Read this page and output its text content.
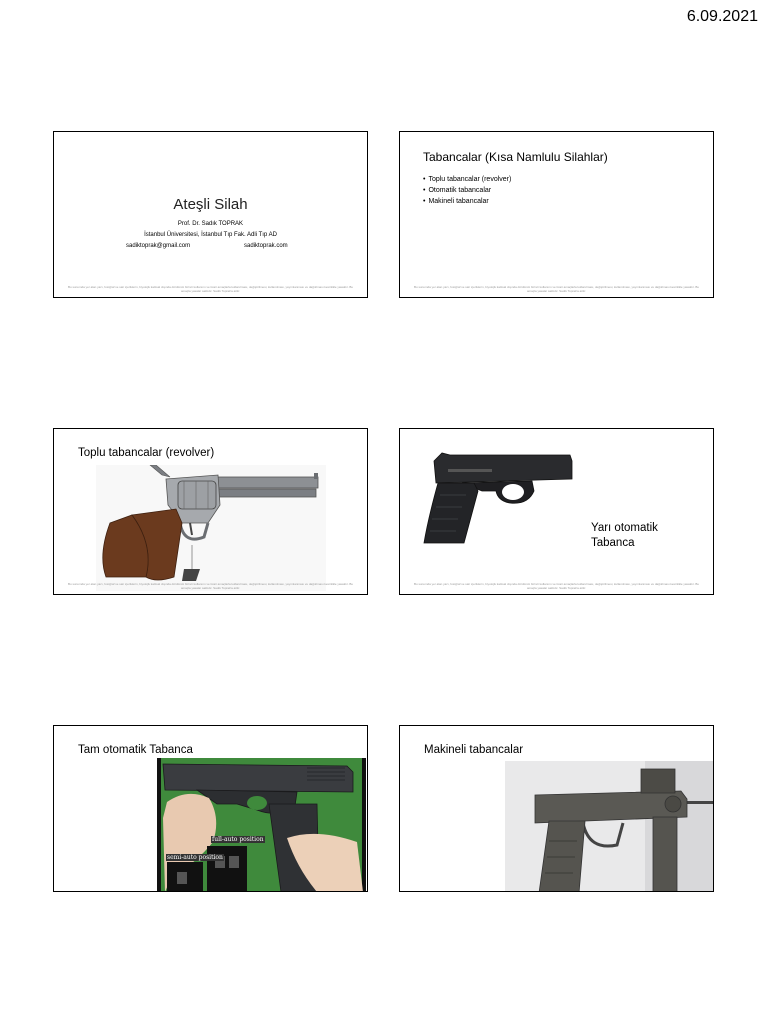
6.09.2021
Ateşli Silah
Prof. Dr. Sadık TOPRAK
İstanbul Üniversitesi, İstanbul Tıp Fak. Adli Tıp AD
sadiktoprak@gmail.com	sadiktoprak.com
Bu sunumda yer alan yazı, fotoğraf ve sair içeriklerin, biyolojik kalıtsal dışında dördüncü birinci kullanımı ve ticari amaçlarla kullanılması, değiştirilmesi, kullanılması, yayımlanması ve dağıtılması kesinlikle yasaktır. Bu amaçla yasalar saklıdır. Sadık Toprak'a aittir.
Tabancalar (Kısa Namlulu Silahlar)
• Toplu tabancalar (revolver)
• Otomatik tabancalar
• Makineli tabancalar
Bu sunumda yer alan yazı, fotoğraf ve sair içeriklerin, biyolojik kalıtsal dışında dördüncü birinci kullanımı ve ticari amaçlarla kullanılması, değiştirilmesi, kullanılması, yayımlanması ve dağıtılması kesinlikle yasaktır. Bu amaçla yasalar saklıdır. Sadık Toprak'a aittir.
Toplu tabancalar (revolver)
Bu sunumda yer alan yazı, fotoğraf ve sair içeriklerin, biyolojik kalıtsal dışında dördüncü birinci kullanımı ve ticari amaçlarla kullanılması, değiştirilmesi, kullanılması, yayımlanması ve dağıtılması kesinlikle yasaktır. Bu amaçla yasalar saklıdır. Sadık Toprak'a aittir.
Yarı otomatik
Tabanca
Bu sunumda yer alan yazı, fotoğraf ve sair içeriklerin, biyolojik kalıtsal dışında dördüncü birinci kullanımı ve ticari amaçlarla kullanılması, değiştirilmesi, kullanılması, yayımlanması ve dağıtılması kesinlikle yasaktır. Bu amaçla yasalar saklıdır. Sadık Toprak'a aittir.
Tam otomatik Tabanca
full-auto position
semi-auto position
Makineli tabancalar
